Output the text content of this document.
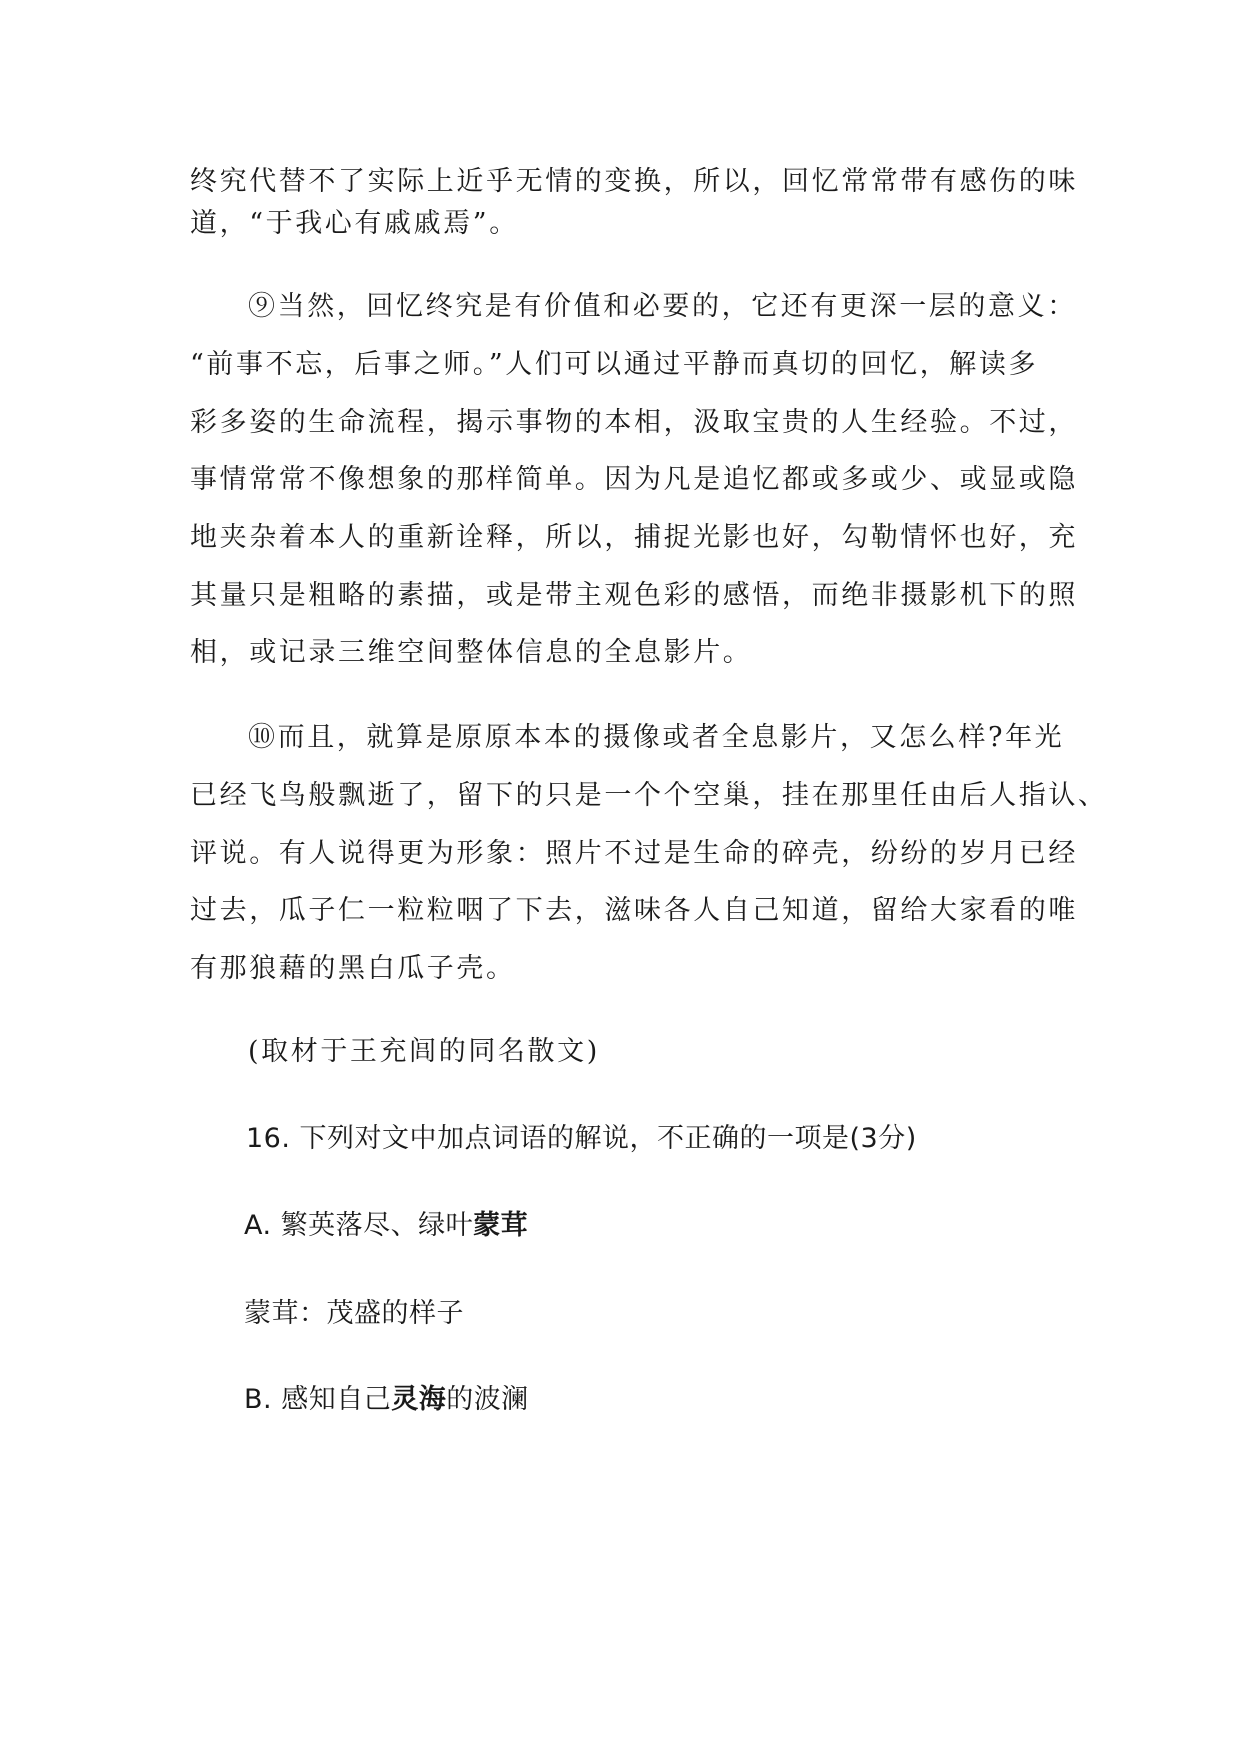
终究代替不了实际上近乎无情的变换，所以，回忆常常带有感伤的味

道，“于我心有戚戚焉”。

⑨当然，回忆终究是有价值和必要的，它还有更深一层的意义：

“前事不忘，后事之师。”人们可以通过平静而真切的回忆，解读多

彩多姿的生命流程，揭示事物的本相，汲取宝贵的人生经验。不过，

事情常常不像想象的那样简单。因为凡是追忆都或多或少、或显或隐

地夹杂着本人的重新诠释，所以，捕捉光影也好，勾勒情怀也好，充

其量只是粗略的素描，或是带主观色彩的感悟，而绝非摄影机下的照

相，或记录三维空间整体信息的全息影片。

⑩而且，就算是原原本本的摄像或者全息影片，又怎么样?年光

已经飞鸟般飘逝了，留下的只是一个个空巢，挂在那里任由后人指认、

评说。有人说得更为形象：照片不过是生命的碎壳，纷纷的岁月已经

过去，瓜子仁一粒粒咽了下去，滋味各人自己知道，留给大家看的唯

有那狼藉的黑白瓜子壳。

(取材于王充闾的同名散文)

16. 下列对文中加点词语的解说，不正确的一项是(3分)

A. 繁英落尽、绿叶蒙茸

蒙茸：茂盛的样子

B. 感知自己灵海的波澜
